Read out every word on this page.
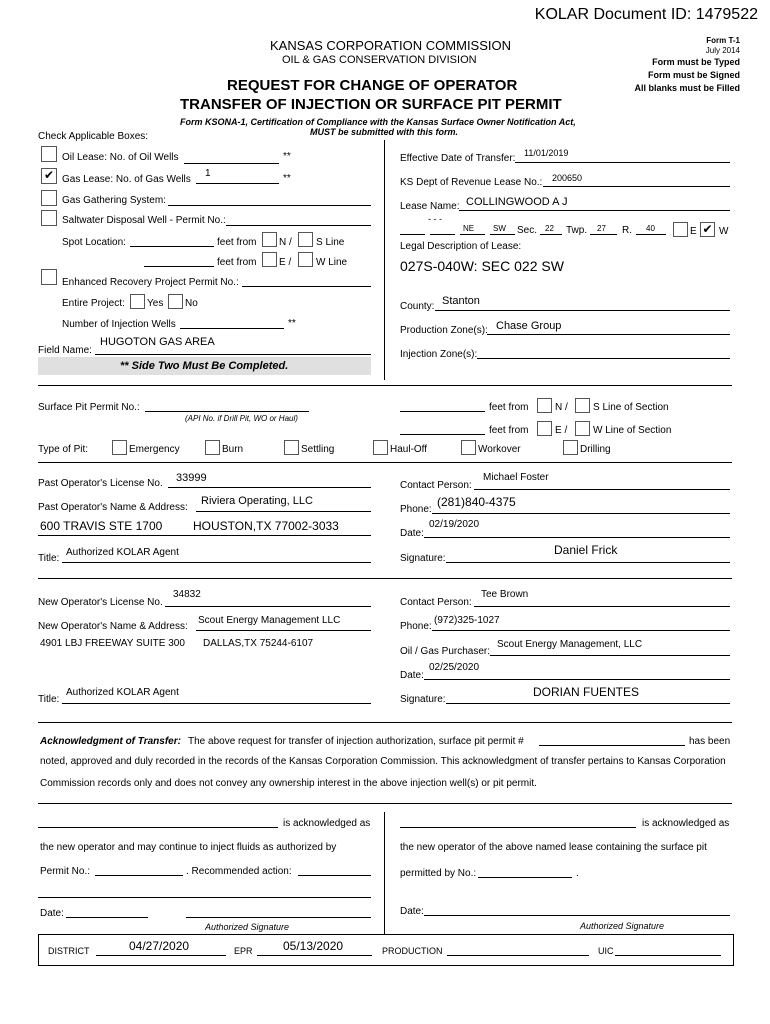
KOLAR Document ID: 1479522
KANSAS CORPORATION COMMISSION
OIL & GAS CONSERVATION DIVISION
REQUEST FOR CHANGE OF OPERATOR
TRANSFER OF INJECTION OR SURFACE PIT PERMIT
Form T-1
July 2014
Form must be Typed
Form must be Signed
All blanks must be Filled
Form KSONA-1, Certification of Compliance with the Kansas Surface Owner Notification Act,
MUST be submitted with this form.
Check Applicable Boxes:
Oil Lease: No. of Oil Wells	**
✔ Gas Lease: No. of Gas Wells
1	**
Gas Gathering System:
Saltwater Disposal Well - Permit No.:
Spot Location:	feet from N / S Line
feet from E / W Line
Enhanced Recovery Project Permit No.:
Entire Project: Yes No
Number of Injection Wells	**
Field Name:
HUGOTON GAS AREA
** Side Two Must Be Completed.
Effective Date of Transfer: 11/01/2019
KS Dept of Revenue Lease No.: 200650
Lease Name: COLLINGWOOD A J
- - -
NE SW Sec. 22 Twp. 27 R. 40	E ✔ W
Legal Description of Lease:
027S-040W: SEC 022 SW
County: Stanton
Production Zone(s): Chase Group
Injection Zone(s):
Surface Pit Permit No.:
(API No. if Drill Pit, WO or Haul)
feet from	N /	S Line of Section
feet from	E /	W Line of Section
Type of Pit:	Emergency	Burn	Settling	Haul-Off	Workover	Drilling
Past Operator's License No. 33999
Past Operator's Name & Address:
Riviera Operating, LLC
600 TRAVIS STE 1700	HOUSTON,TX 77002-3033
Title:
Authorized KOLAR Agent
Contact Person:
Michael Foster
Phone:
(281)840-4375
Date:
02/19/2020
Signature:
Daniel Frick
New Operator's License No.
34832
New Operator's Name & Address:
Scout Energy Management LLC
4901 LBJ FREEWAY SUITE 300 DALLAS,TX 75244-6107
Title:
Authorized KOLAR Agent
Contact Person:
Tee Brown
Phone:
(972)325-1027
Oil / Gas Purchaser:
Scout Energy Management, LLC
Date:
02/25/2020
Signature:
DORIAN FUENTES
Acknowledgment of Transfer: The above request for transfer of injection authorization, surface pit permit #	has been
noted, approved and duly recorded in the records of the Kansas Corporation Commission. This acknowledgment of transfer pertains to Kansas Corporation
Commission records only and does not convey any ownership interest in the above injection well(s) or pit permit.
is acknowledged as
the new operator and may continue to inject fluids as authorized by
Permit No.:	. Recommended action:
Date:
Authorized Signature
is acknowledged as
the new operator of the above named lease containing the surface pit
permitted by No.:	.
Date:
Authorized Signature
DISTRICT	04/27/2020	EPR	05/13/2020	PRODUCTION	UIC
